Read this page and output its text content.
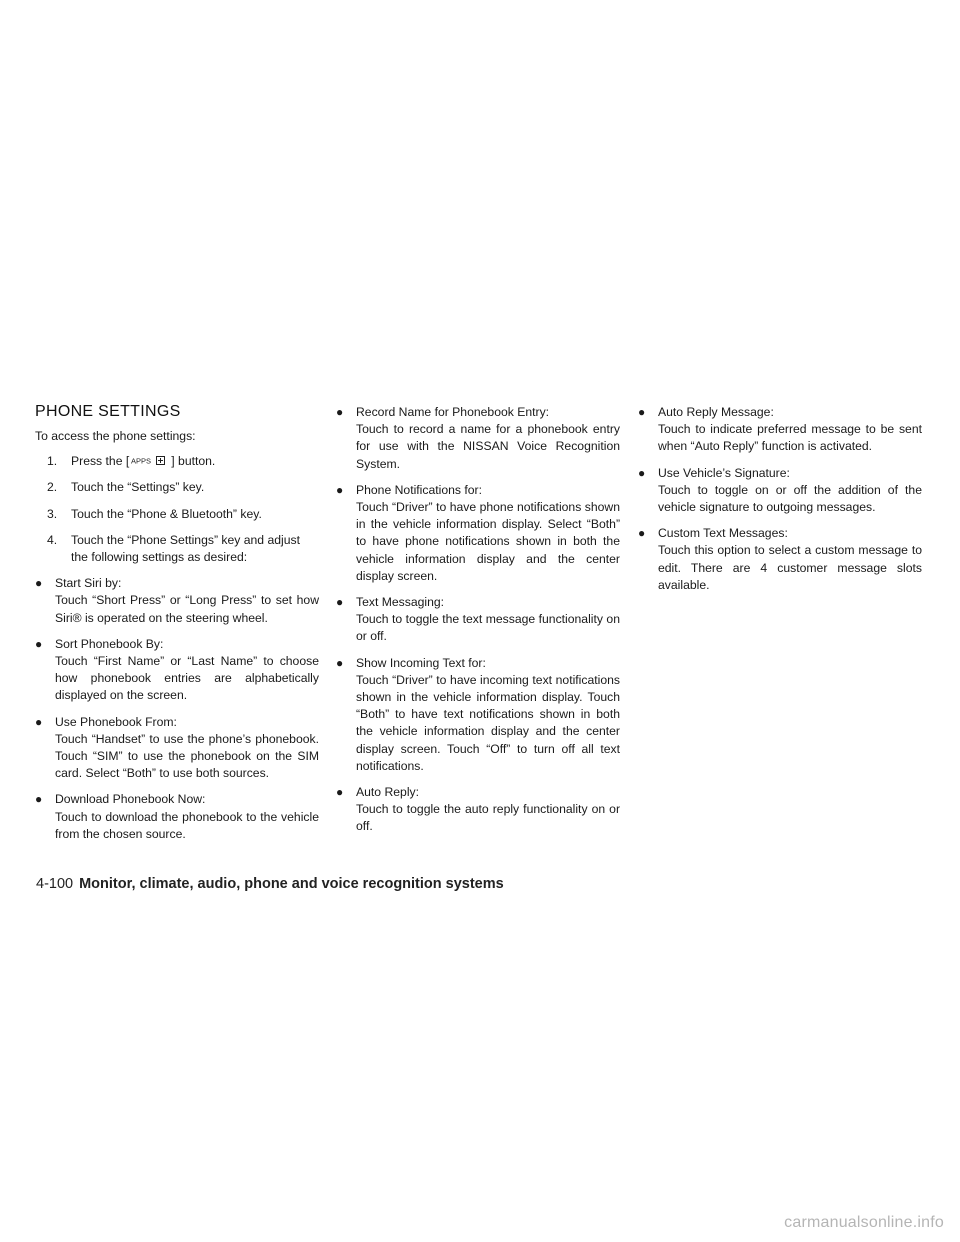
PHONE SETTINGS

To access the phone settings:

1. Press the [ APPS ] button.
2. Touch the “Settings” key.
3. Touch the “Phone & Bluetooth” key.
4. Touch the “Phone Settings” key and adjust the following settings as desired:
● Start Siri by:
Touch “Short Press” or “Long Press” to set how Siri® is operated on the steering wheel.
● Sort Phonebook By:
Touch “First Name” or “Last Name” to choose how phonebook entries are alphabetically displayed on the screen.
● Use Phonebook From:
Touch “Handset” to use the phone’s phonebook. Touch “SIM” to use the phonebook on the SIM card. Select “Both” to use both sources.
● Download Phonebook Now:
Touch to download the phonebook to the vehicle from the chosen source.
● Record Name for Phonebook Entry:
Touch to record a name for a phonebook entry for use with the NISSAN Voice Recognition System.
● Phone Notifications for:
Touch “Driver” to have phone notifications shown in the vehicle information display. Select “Both” to have phone notifications shown in both the vehicle information display and the center display screen.
● Text Messaging:
Touch to toggle the text message functionality on or off.
● Show Incoming Text for:
Touch “Driver” to have incoming text notifications shown in the vehicle information display. Touch “Both” to have text notifications shown in both the vehicle information display and the center display screen. Touch “Off” to turn off all text notifications.
● Auto Reply:
Touch to toggle the auto reply functionality on or off.
● Auto Reply Message:
Touch to indicate preferred message to be sent when “Auto Reply” function is activated.
● Use Vehicle’s Signature:
Touch to toggle on or off the addition of the vehicle signature to outgoing messages.
● Custom Text Messages:
Touch this option to select a custom message to edit. There are 4 customer message slots available.
4-100 Monitor, climate, audio, phone and voice recognition systems
carmanualsonline.info
